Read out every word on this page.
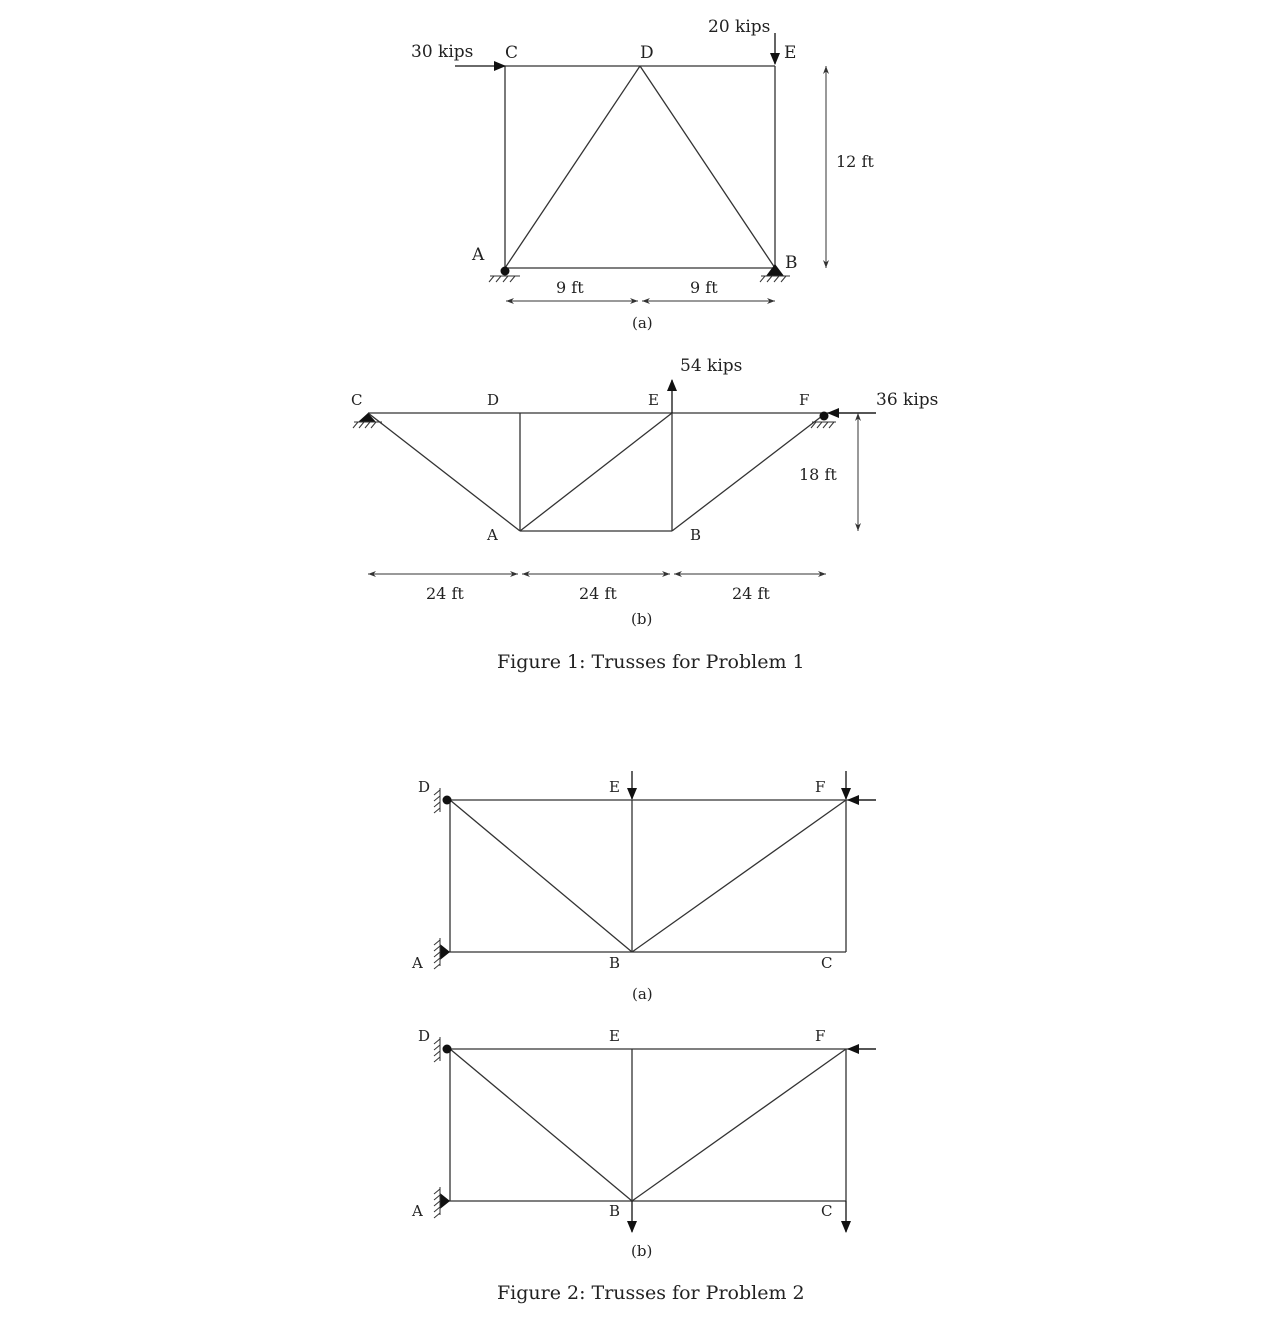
C	D	E
A	B
30 kips
20 kips
9 ft	9 ft
12 ft
(a)
C	D	E	F
A	B
54 kips
36 kips
18 ft
24 ft	24 ft	24 ft
(b)
Figure 1: Trusses for Problem 1
D	E	F
A	B	C
(a)
D	E	F
A	B	C
(b)
Figure 2: Trusses for Problem 2
